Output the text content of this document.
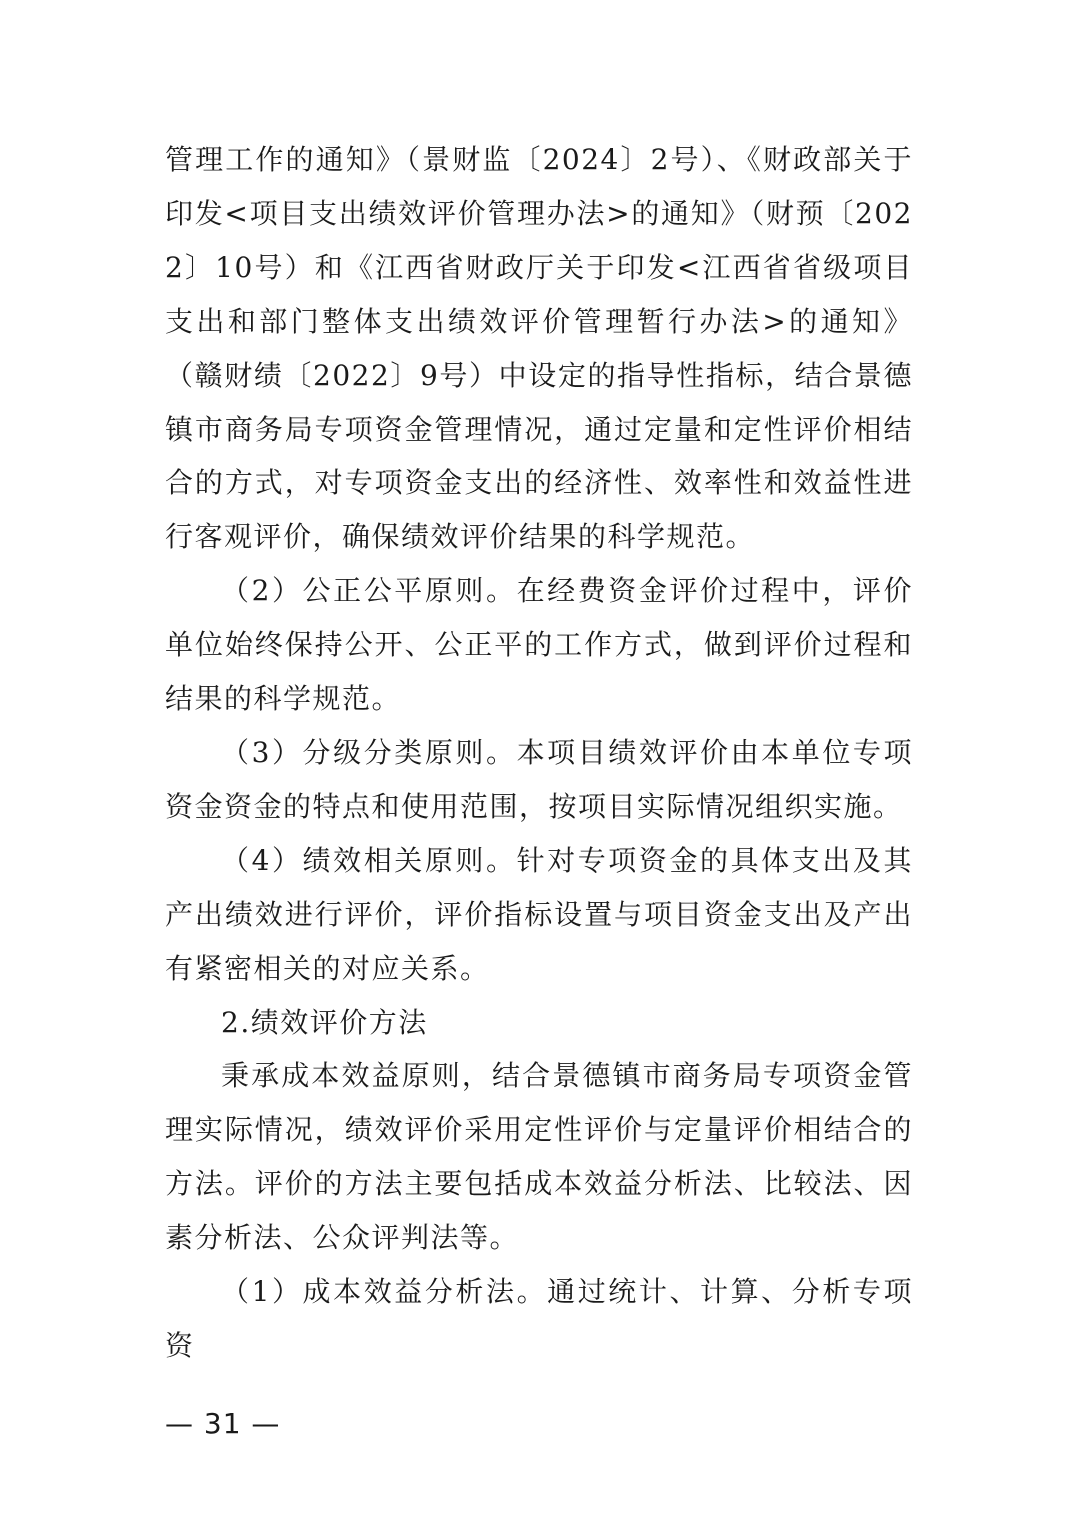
管理工作的通知》（景财监〔2024〕2号）、《财政部关于印发<项目支出绩效评价管理办法>的通知》（财预〔2022〕10号）和《江西省财政厅关于印发<江西省省级项目支出和部门整体支出绩效评价管理暂行办法>的通知》（赣财绩〔2022〕9号）中设定的指导性指标，结合景德镇市商务局专项资金管理情况，通过定量和定性评价相结合的方式，对专项资金支出的经济性、效率性和效益性进行客观评价，确保绩效评价结果的科学规范。

（2）公正公平原则。在经费资金评价过程中，评价单位始终保持公开、公正平的工作方式，做到评价过程和结果的科学规范。

（3）分级分类原则。本项目绩效评价由本单位专项资金资金的特点和使用范围，按项目实际情况组织实施。

（4）绩效相关原则。针对专项资金的具体支出及其产出绩效进行评价，评价指标设置与项目资金支出及产出有紧密相关的对应关系。

2.绩效评价方法

秉承成本效益原则，结合景德镇市商务局专项资金管理实际情况，绩效评价采用定性评价与定量评价相结合的方法。评价的方法主要包括成本效益分析法、比较法、因素分析法、公众评判法等。

（1）成本效益分析法。通过统计、计算、分析专项资

— 31 —
